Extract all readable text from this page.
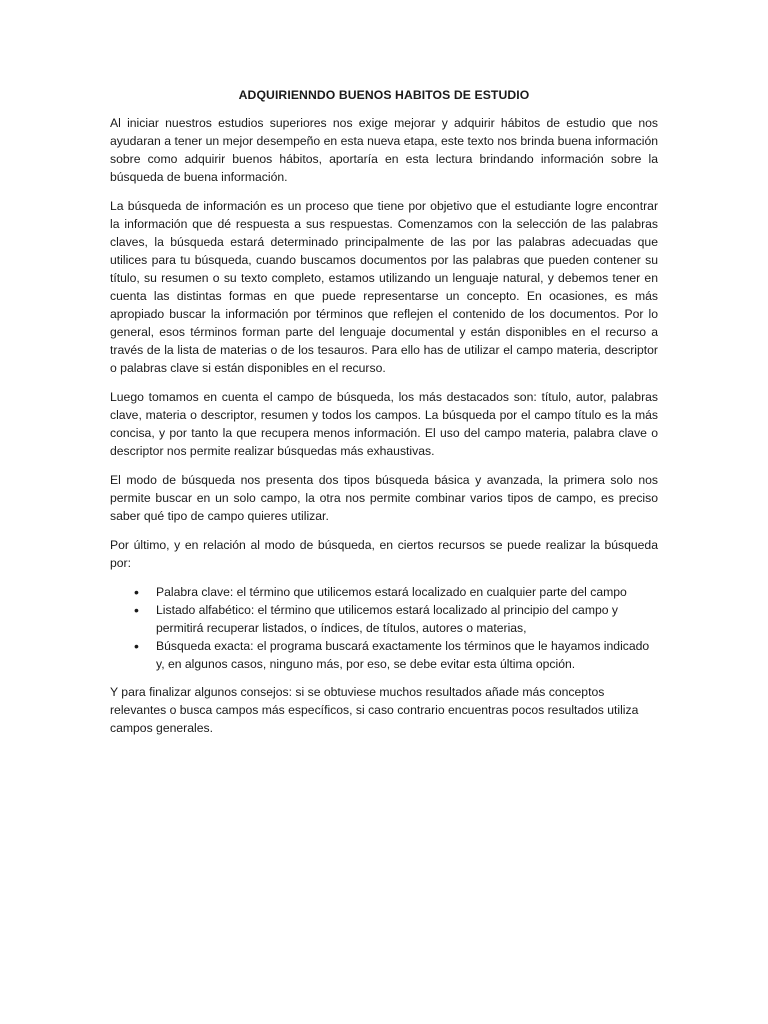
ADQUIRIENNDO BUENOS HABITOS DE ESTUDIO

Al iniciar nuestros estudios superiores nos exige mejorar y adquirir hábitos de estudio que nos ayudaran a tener un mejor desempeño en esta nueva etapa, este texto nos brinda buena información sobre como adquirir buenos hábitos, aportaría en esta lectura brindando información sobre la búsqueda de buena información.

La búsqueda de información es un proceso que tiene por objetivo que el estudiante logre encontrar la información que dé respuesta a sus respuestas. Comenzamos con la selección de las palabras claves, la búsqueda estará determinado principalmente de las por las palabras adecuadas que utilices para tu búsqueda, cuando buscamos documentos por las palabras que pueden contener su título, su resumen o su texto completo, estamos utilizando un lenguaje natural, y debemos tener en cuenta las distintas formas en que puede representarse un concepto. En ocasiones, es más apropiado buscar la información por términos que reflejen el contenido de los documentos. Por lo general, esos términos forman parte del lenguaje documental y están disponibles en el recurso a través de la lista de materias o de los tesauros. Para ello has de utilizar el campo materia, descriptor o palabras clave si están disponibles en el recurso.

Luego tomamos en cuenta el campo de búsqueda, los más destacados son: título, autor, palabras clave, materia o descriptor, resumen y todos los campos. La búsqueda por el campo título es la más concisa, y por tanto la que recupera menos información. El uso del campo materia, palabra clave o descriptor nos permite realizar búsquedas más exhaustivas.

El modo de búsqueda nos presenta dos tipos búsqueda básica y avanzada, la primera solo nos permite buscar en un solo campo, la otra nos permite combinar varios tipos de campo, es preciso saber qué tipo de campo quieres utilizar.

Por último, y en relación al modo de búsqueda, en ciertos recursos se puede realizar la búsqueda por:

• Palabra clave: el término que utilicemos estará localizado en cualquier parte del campo
• Listado alfabético: el término que utilicemos estará localizado al principio del campo y permitirá recuperar listados, o índices, de títulos, autores o materias,
• Búsqueda exacta: el programa buscará exactamente los términos que le hayamos indicado y, en algunos casos, ninguno más, por eso, se debe evitar esta última opción.

Y para finalizar algunos consejos: si se obtuviese muchos resultados añade más conceptos relevantes o busca campos más específicos, si caso contrario encuentras pocos resultados utiliza campos generales.
